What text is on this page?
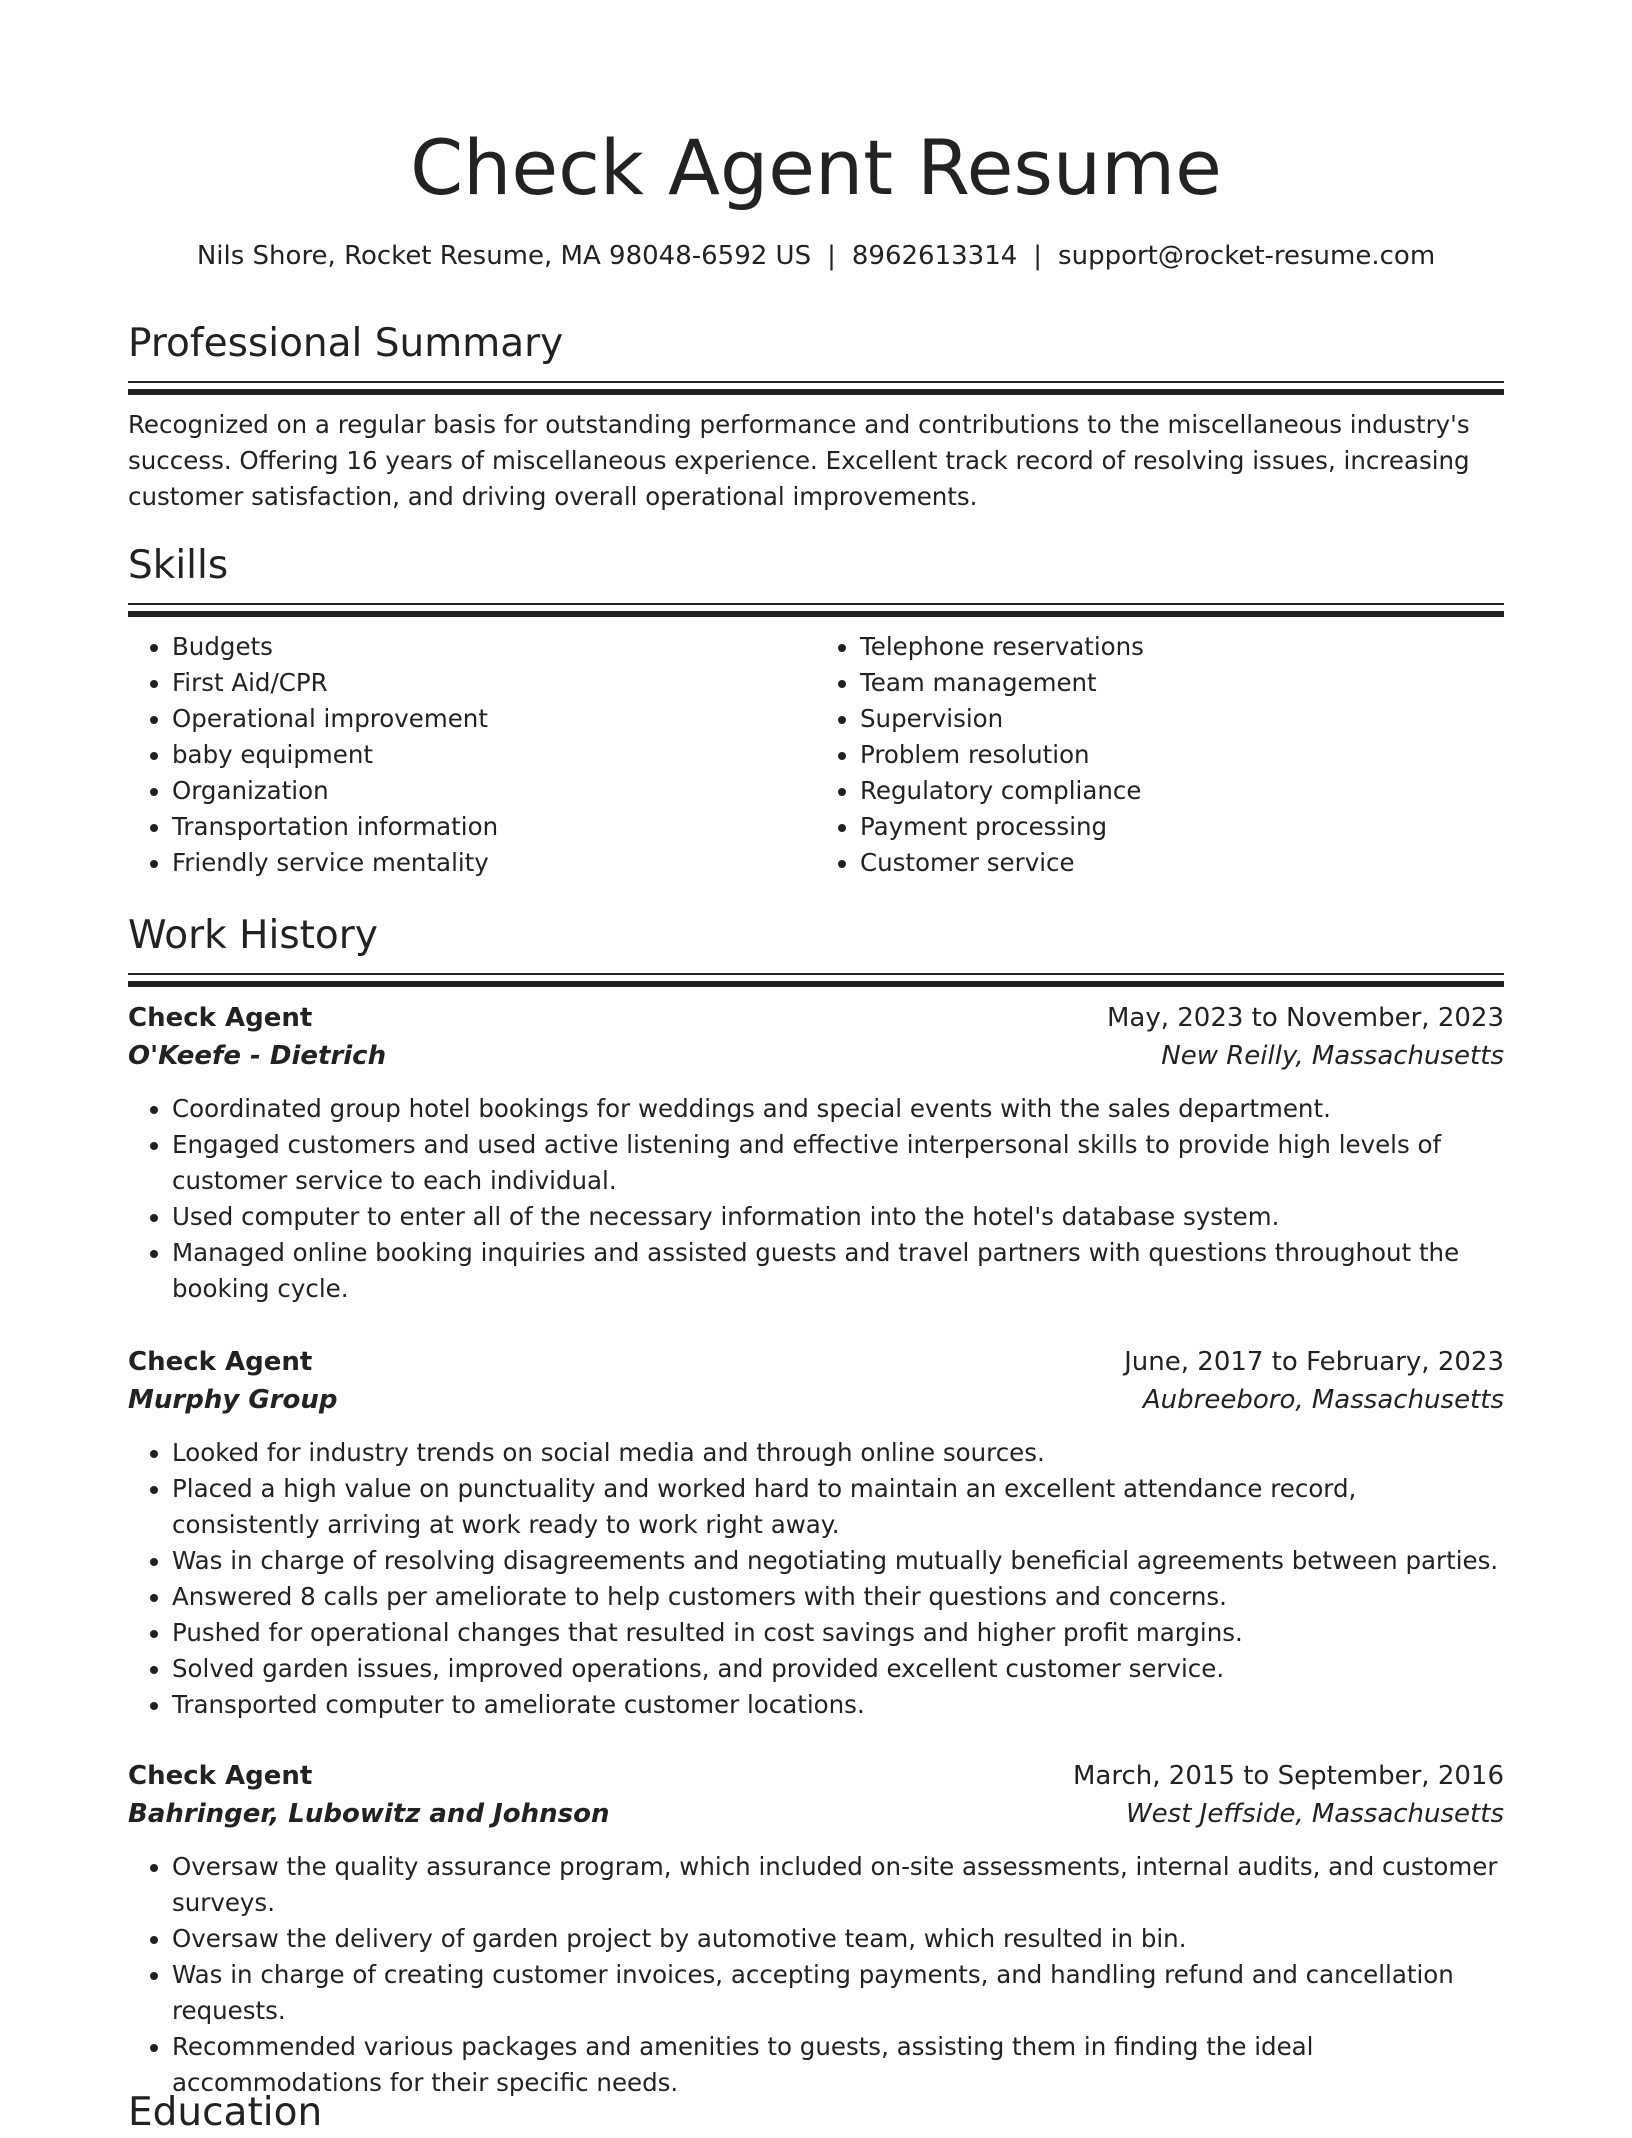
Check Agent Resume
Nils Shore, Rocket Resume, MA 98048-6592 US | 8962613314 | support@rocket-resume.com
Professional Summary
Recognized on a regular basis for outstanding performance and contributions to the miscellaneous industry's success. Offering 16 years of miscellaneous experience. Excellent track record of resolving issues, increasing customer satisfaction, and driving overall operational improvements.
Skills
• Budgets
• First Aid/CPR
• Operational improvement
• baby equipment
• Organization
• Transportation information
• Friendly service mentality
• Telephone reservations
• Team management
• Supervision
• Problem resolution
• Regulatory compliance
• Payment processing
• Customer service
Work History
Check Agent	May, 2023 to November, 2023
O'Keefe - Dietrich	New Reilly, Massachusetts
• Coordinated group hotel bookings for weddings and special events with the sales department.
• Engaged customers and used active listening and effective interpersonal skills to provide high levels of customer service to each individual.
• Used computer to enter all of the necessary information into the hotel's database system.
• Managed online booking inquiries and assisted guests and travel partners with questions throughout the booking cycle.
Check Agent	June, 2017 to February, 2023
Murphy Group	Aubreeboro, Massachusetts
• Looked for industry trends on social media and through online sources.
• Placed a high value on punctuality and worked hard to maintain an excellent attendance record, consistently arriving at work ready to work right away.
• Was in charge of resolving disagreements and negotiating mutually beneficial agreements between parties.
• Answered 8 calls per ameliorate to help customers with their questions and concerns.
• Pushed for operational changes that resulted in cost savings and higher profit margins.
• Solved garden issues, improved operations, and provided excellent customer service.
• Transported computer to ameliorate customer locations.
Check Agent	March, 2015 to September, 2016
Bahringer, Lubowitz and Johnson	West Jeffside, Massachusetts
• Oversaw the quality assurance program, which included on-site assessments, internal audits, and customer surveys.
• Oversaw the delivery of garden project by automotive team, which resulted in bin.
• Was in charge of creating customer invoices, accepting payments, and handling refund and cancellation requests.
• Recommended various packages and amenities to guests, assisting them in finding the ideal accommodations for their specific needs.
Education
